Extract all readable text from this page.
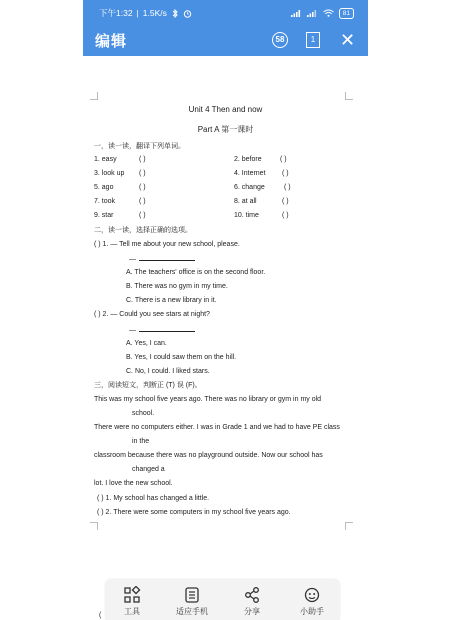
下午1:32 | 1.5K/s	81
编辑	58	1 ✕
Unit 4 Then and now
Part A 第一课时
一，读一读，翻译下列单词。
1. easy	( )	2. before	( )
3. look up ( )	4. Internet ( )
5. ago	( )	6. change	( )
7. took	( )	8. at all	( )
9. star	( )	10. time	( )
二，读一读，选择正确的选项。
( ) 1. — Tell me about your new school, please.
—
A. The teachers' office is on the second floor.
B. There was no gym in my time.
C. There is a new library in it.
( ) 2. — Could you see stars at night?
—
A. Yes, I can.
B. Yes, I could saw them on the hill.
C. No, I could. I liked stars.
三，阅读短文，判断正 (T) 误 (F)。
This was my school five years ago. There was no library or gym in my old
school.
There were no computers either. I was in Grade 1 and we had to have PE class
in the
classroom because there was no playground outside. Now our school has
changed a
lot. I love the new school.
( ) 1. My school has changed a little.
( ) 2. There were some computers in my school five years ago.
(	工具	适应手机	分享	小助手
